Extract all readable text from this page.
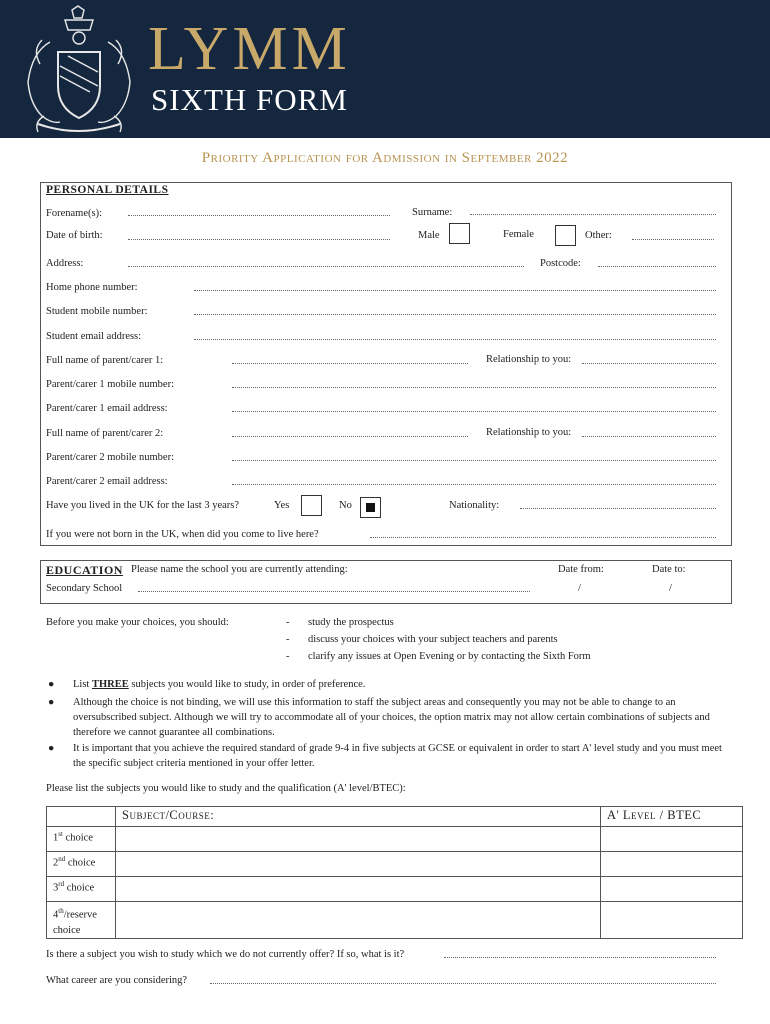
LYMM
SIXTH FORM
Priority Application for Admission in September 2022
PERSONAL DETAILS
Forename(s):	Surname:
Date of birth:	Male	Female	Other:
Address:	Postcode:
Home phone number:
Student mobile number:
Student email address:
Full name of parent/carer 1:	Relationship to you:
Parent/carer 1 mobile number:
Parent/carer 1 email address:
Full name of parent/carer 2:	Relationship to you:
Parent/carer 2 mobile number:
Parent/carer 2 email address:
Have you lived in the UK for the last 3 years?	Yes	No	Nationality:
If you were not born in the UK, when did you come to live here?
EDUCATION Please name the school you are currently attending:	Date from:	Date to:
Secondary School	/	/
Before you make your choices, you should:	- study the prospectus
- discuss your choices with your subject teachers and parents
- clarify any issues at Open Evening or by contacting the Sixth Form
● List THREE subjects you would like to study, in order of preference.
● Although the choice is not binding, we will use this information to staff the subject areas and consequently you may not be able to change to an oversubscribed subject. Although we will try to accommodate all of your choices, the option matrix may not allow certain combinations of subjects and therefore we cannot guarantee all combinations.
● It is important that you achieve the required standard of grade 9-4 in five subjects at GCSE or equivalent in order to start A' level study and you must meet the specific subject criteria mentioned in your offer letter.
Please list the subjects you would like to study and the qualification (A' level/BTEC):
	Subject/Course:	A' Level / BTEC
1st choice		
2nd choice		
3rd choice		
4th/reserve choice		
Is there a subject you wish to study which we do not currently offer? If so, what is it?
What career are you considering?
